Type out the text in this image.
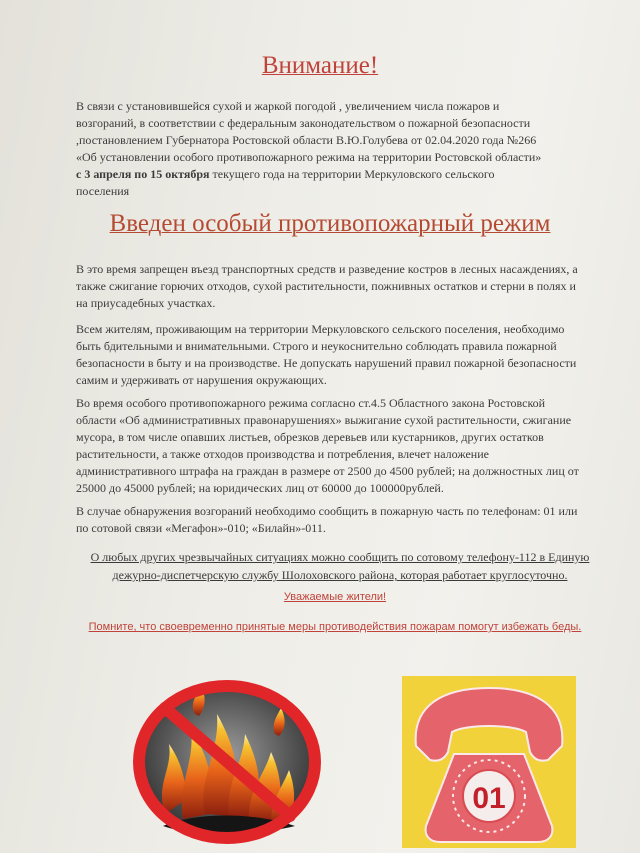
Внимание!
В связи с установившейся сухой и жаркой погодой , увеличением числа пожаров и
возгораний, в соответствии с федеральным законодательством о пожарной безопасности
,постановлением Губернатора Ростовской области В.Ю.Голубева от 02.04.2020 года №266
«Об установлении особого противопожарного режима на территории Ростовской области»
с 3 апреля по 15 октября текущего года на территории Меркуловского сельского
поселения
Введен особый противопожарный режим
В это время запрещен въезд транспортных средств и разведение костров в лесных насаждениях, а
также сжигание горючих отходов, сухой растительности, пожнивных остатков и стерни в полях и
на приусадебных участках.
Всем жителям, проживающим на территории Меркуловского сельского поселения, необходимо
быть бдительными и внимательными. Строго и неукоснительно соблюдать правила пожарной
безопасности в быту и на производстве. Не допускать нарушений правил пожарной безопасности
самим и удерживать от нарушения окружающих.
Во время особого противопожарного режима согласно ст.4.5 Областного закона Ростовской
области «Об административных правонарушениях» выжигание сухой растительности, сжигание
мусора, в том числе опавших листьев, обрезков деревьев или кустарников, других остатков
растительности, а также отходов производства и потребления, влечет наложение
административного штрафа на граждан в размере от 2500 до 4500 рублей; на должностных лиц от
25000 до 45000 рублей; на юридических лиц от 60000 до 100000рублей.
В случае обнаружения возгораний необходимо сообщить в пожарную часть по телефонам: 01 или
по сотовой связи «Мегафон»-010; «Билайн»-011.
О любых других чрезвычайных ситуациях можно сообщить по сотовому телефону-112 в Единую
дежурно-диспетчерскую службу Шолоховского района, которая работает круглосуточно.
Уважаемые жители!
Помните, что своевременно принятые меры противодействия пожарам помогут избежать беды.
01
